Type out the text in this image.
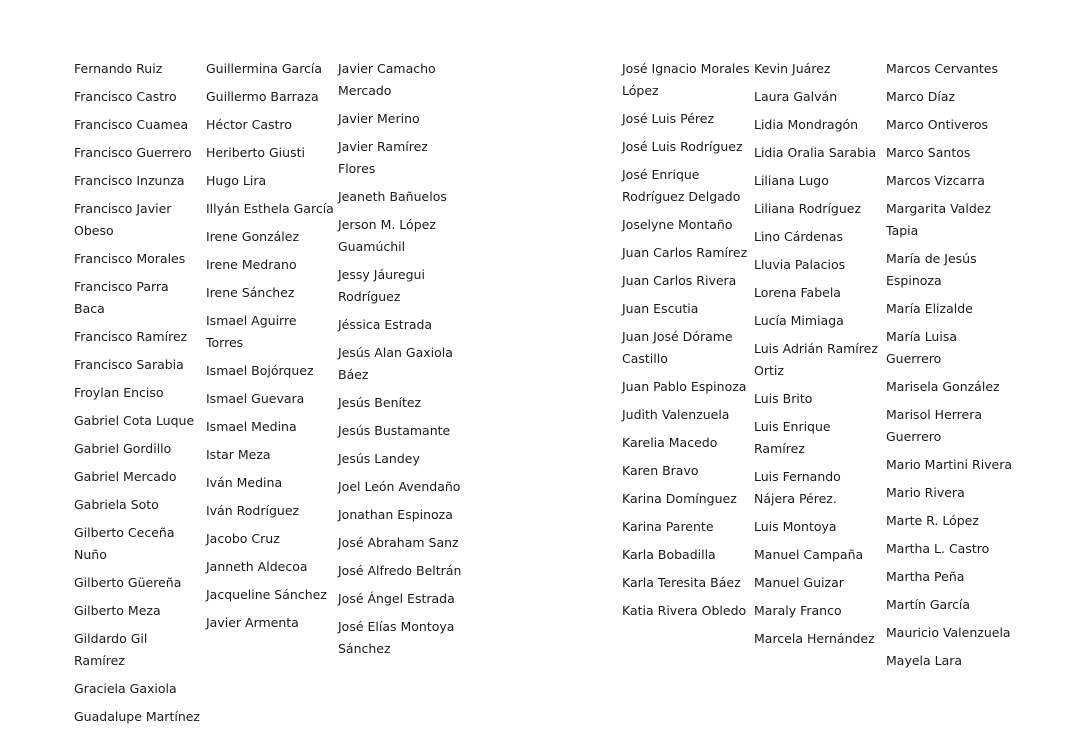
Fernando Ruiz
Francisco Castro
Francisco Cuamea
Francisco Guerrero
Francisco Inzunza
Francisco Javier Obeso
Francisco Morales
Francisco Parra Baca
Francisco Ramírez
Francisco Sarabia
Froylan Enciso
Gabriel Cota Luque
Gabriel Gordillo
Gabriel Mercado
Gabriela Soto
Gilberto Ceceña Nuño
Gilberto Güereña
Gilberto Meza
Gildardo Gil Ramírez
Graciela Gaxiola
Guadalupe Martínez
Guillermina García
Guillermo Barraza
Héctor Castro
Heriberto Giusti
Hugo Lira
Illyán Esthela García
Irene González
Irene Medrano
Irene Sánchez
Ismael Aguirre Torres
Ismael Bojórquez
Ismael Guevara
Ismael Medina
Istar Meza
Iván Medina
Iván Rodríguez
Jacobo Cruz
Janneth Aldecoa
Jacqueline Sánchez
Javier Armenta
Javier Camacho Mercado
Javier Merino
Javier Ramírez Flores
Jeaneth Bañuelos
Jerson M. López Guamúchil
Jessy Jáuregui Rodríguez
Jéssica Estrada
Jesús Alan Gaxiola Báez
Jesús Benítez
Jesús Bustamante
Jesús Landey
Joel León Avendaño
Jonathan Espinoza
José Abraham Sanz
José Alfredo Beltrán
José Ángel Estrada
José Elías Montoya Sánchez
José Ignacio Morales López
José Luis Pérez
José Luis Rodríguez
José Enrique Rodríguez Delgado
Joselyne Montaño
Juan Carlos Ramírez
Juan Carlos Rivera
Juan Escutia
Juan José Dórame Castillo
Juan Pablo Espinoza
Judith Valenzuela
Karelia Macedo
Karen Bravo
Karina Domínguez
Karina Parente
Karla Bobadilla
Karla Teresita Báez
Katia Rivera Obledo
Kevin Juárez
Laura Galván
Lidia Mondragón
Lidia Oralia Sarabia
Liliana Lugo
Liliana Rodríguez
Lino Cárdenas
Lluvia Palacios
Lorena Fabela
Lucía Mimiaga
Luis Adrián Ramírez Ortiz
Luis Brito
Luis Enrique Ramírez
Luis Fernando Nájera Pérez.
Luis Montoya
Manuel Campaña
Manuel Guizar
Maraly Franco
Marcela Hernández
Marcos Cervantes
Marco Díaz
Marco Ontiveros
Marco Santos
Marcos Vizcarra
Margarita Valdez Tapia
María de Jesús Espinoza
María Elizalde
María Luisa Guerrero
Marisela González
Marisol Herrera Guerrero
Mario Martini Rivera
Mario Rivera
Marte R. López
Martha L. Castro
Martha Peña
Martín García
Mauricio Valenzuela
Mayela Lara
